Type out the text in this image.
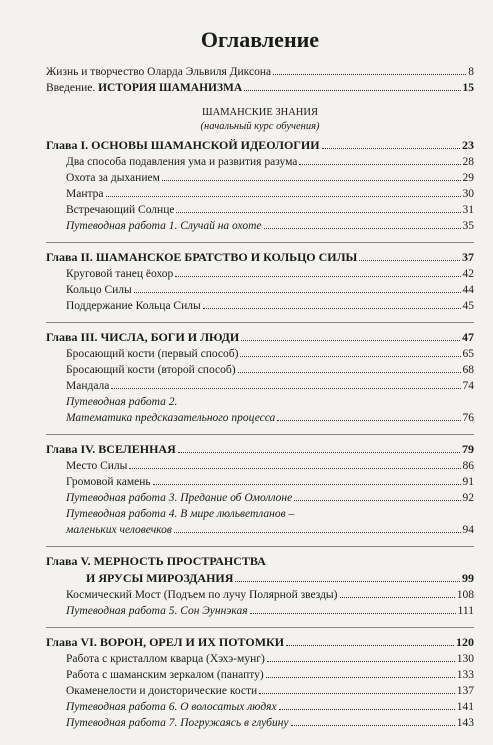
Оглавление
Жизнь и творчество Оларда Эльвиля Диксона	8
Введение. ИСТОРИЯ ШАМАНИЗМА	15
ШАМАНСКИЕ ЗНАНИЯ
(начальный курс обучения)
Глава I. ОСНОВЫ ШАМАНСКОЙ ИДЕОЛОГИИ	23
Два способа подавления ума и развития разума	28
Охота за дыханием	29
Мантра	30
Встречающий Солнце	31
Путеводная работа 1. Случай на охоте	35
Глава II. ШАМАНСКОЕ БРАТСТВО И КОЛЬЦО СИЛЫ	37
Круговой танец ёохор	42
Кольцо Силы	44
Поддержание Кольца Силы	45
Глава III. ЧИСЛА, БОГИ И ЛЮДИ	47
Бросающий кости (первый способ)	65
Бросающий кости (второй способ)	68
Мандала	74
Путеводная работа 2.
Математика предсказательного процесса	76
Глава IV. ВСЕЛЕННАЯ	79
Место Силы	86
Громовой камень	91
Путеводная работа 3. Предание об Омоллоне	92
Путеводная работа 4. В мире люльветланов –
маленьких человечков	94
Глава V. МЕРНОСТЬ ПРОСТРАНСТВА
И ЯРУСЫ МИРОЗДАНИЯ	99
Космический Мост (Подъем по лучу Полярной звезды)	108
Путеводная работа 5. Сон Эуннэкая	111
Глава VI. ВОРОН, ОРЕЛ И ИХ ПОТОМКИ	120
Работа с кристаллом кварца (Хэхэ-мунг)	130
Работа с шаманским зеркалом (панапту)	133
Окаменелости и доисторические кости	137
Путеводная работа 6. О волосатых людях	141
Путеводная работа 7. Погружаясь в глубину	143
